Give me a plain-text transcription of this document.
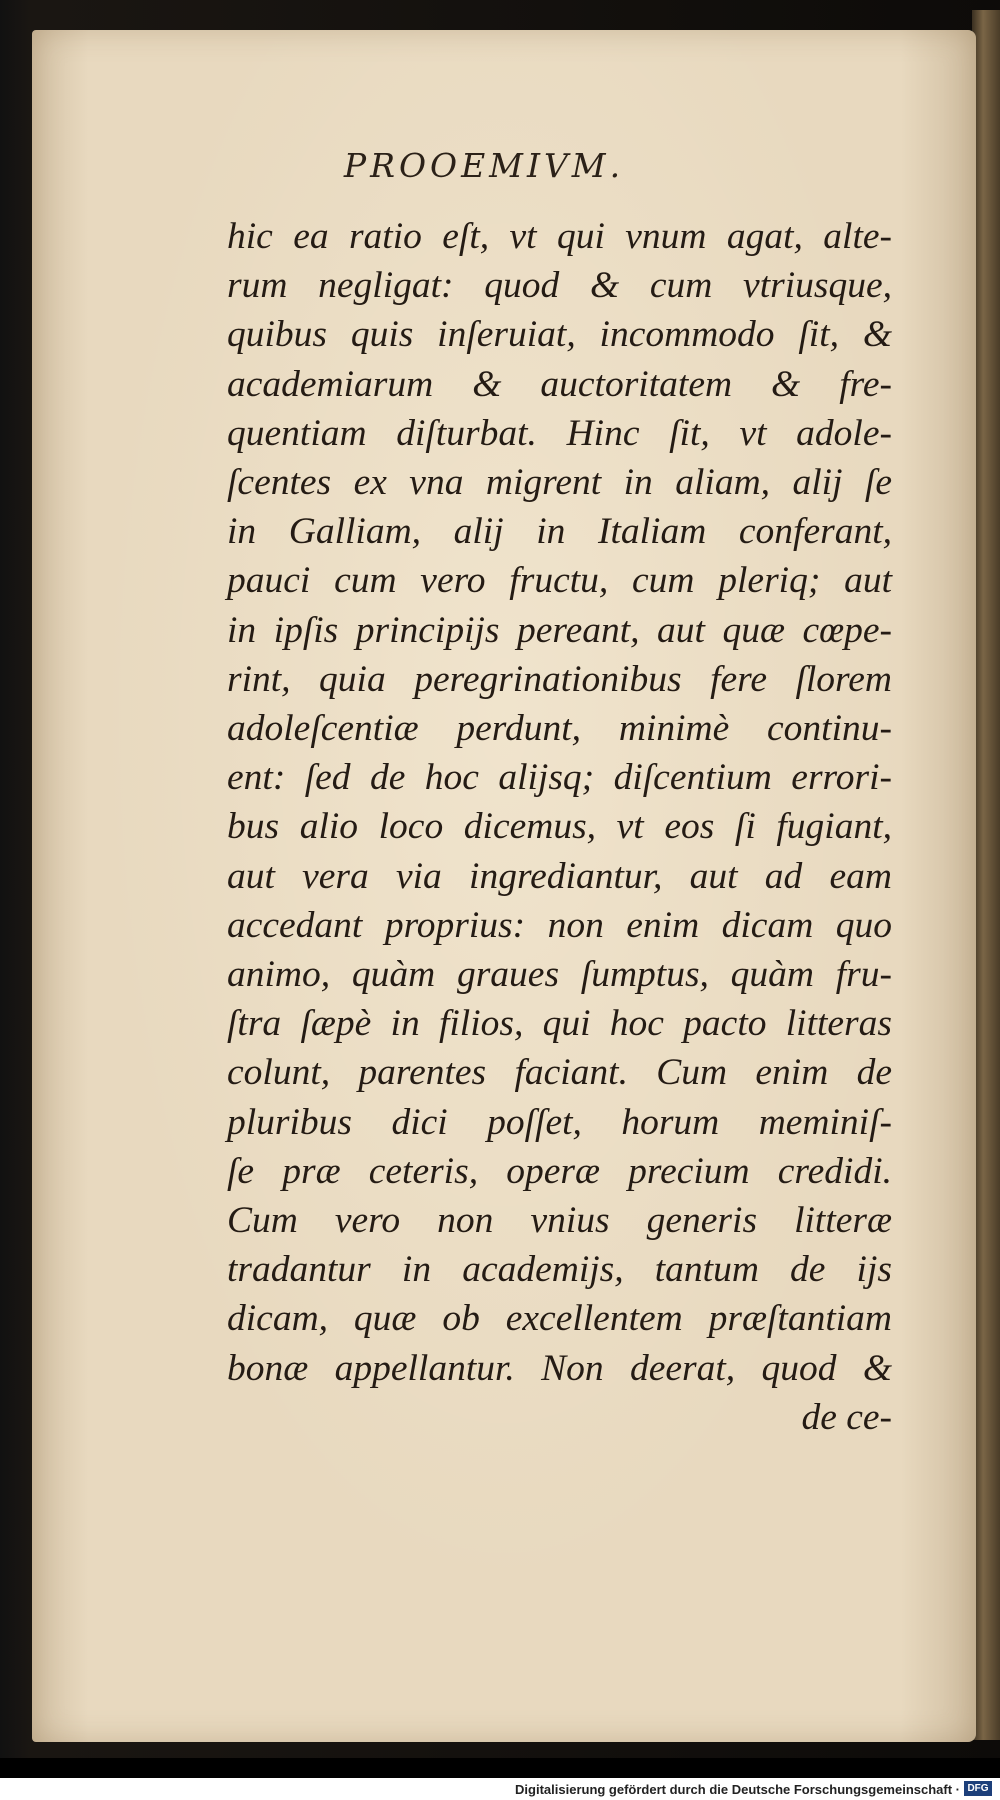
PROOEMIVM.
hic ea ratio eſt, vt qui vnum agat, alte-
rum negligat: quod & cum vtriusque,
quibus quis inſeruiat, incommodo ſit, &
academiarum & auctoritatem & fre-
quentiam diſturbat. Hinc ſit, vt adole-
ſcentes ex vna migrent in aliam, alij ſe
in Galliam, alij in Italiam conferant,
pauci cum vero fructu, cum pleriq; aut
in ipſis principijs pereant, aut quæ cœpe-
rint, quia peregrinationibus fere ſlorem
adoleſcentiæ perdunt, minimè continu-
ent: ſed de hoc alijsq; diſcentium errori-
bus alio loco dicemus, vt eos ſi fugiant,
aut vera via ingrediantur, aut ad eam
accedant proprius: non enim dicam quo
animo, quàm graues ſumptus, quàm fru-
ſtra ſæpè in filios, qui hoc pacto litteras
colunt, parentes faciant. Cum enim de
pluribus dici poſſet, horum meminiſ-
ſe præ ceteris, operæ precium credidi.
Cum vero non vnius generis litteræ
tradantur in academijs, tantum de ijs
dicam, quæ ob excellentem præſtantiam
bonæ appellantur. Non deerat, quod &
de ce-
Digitalisierung gefördert durch die Deutsche Forschungsgemeinschaft · DFG
